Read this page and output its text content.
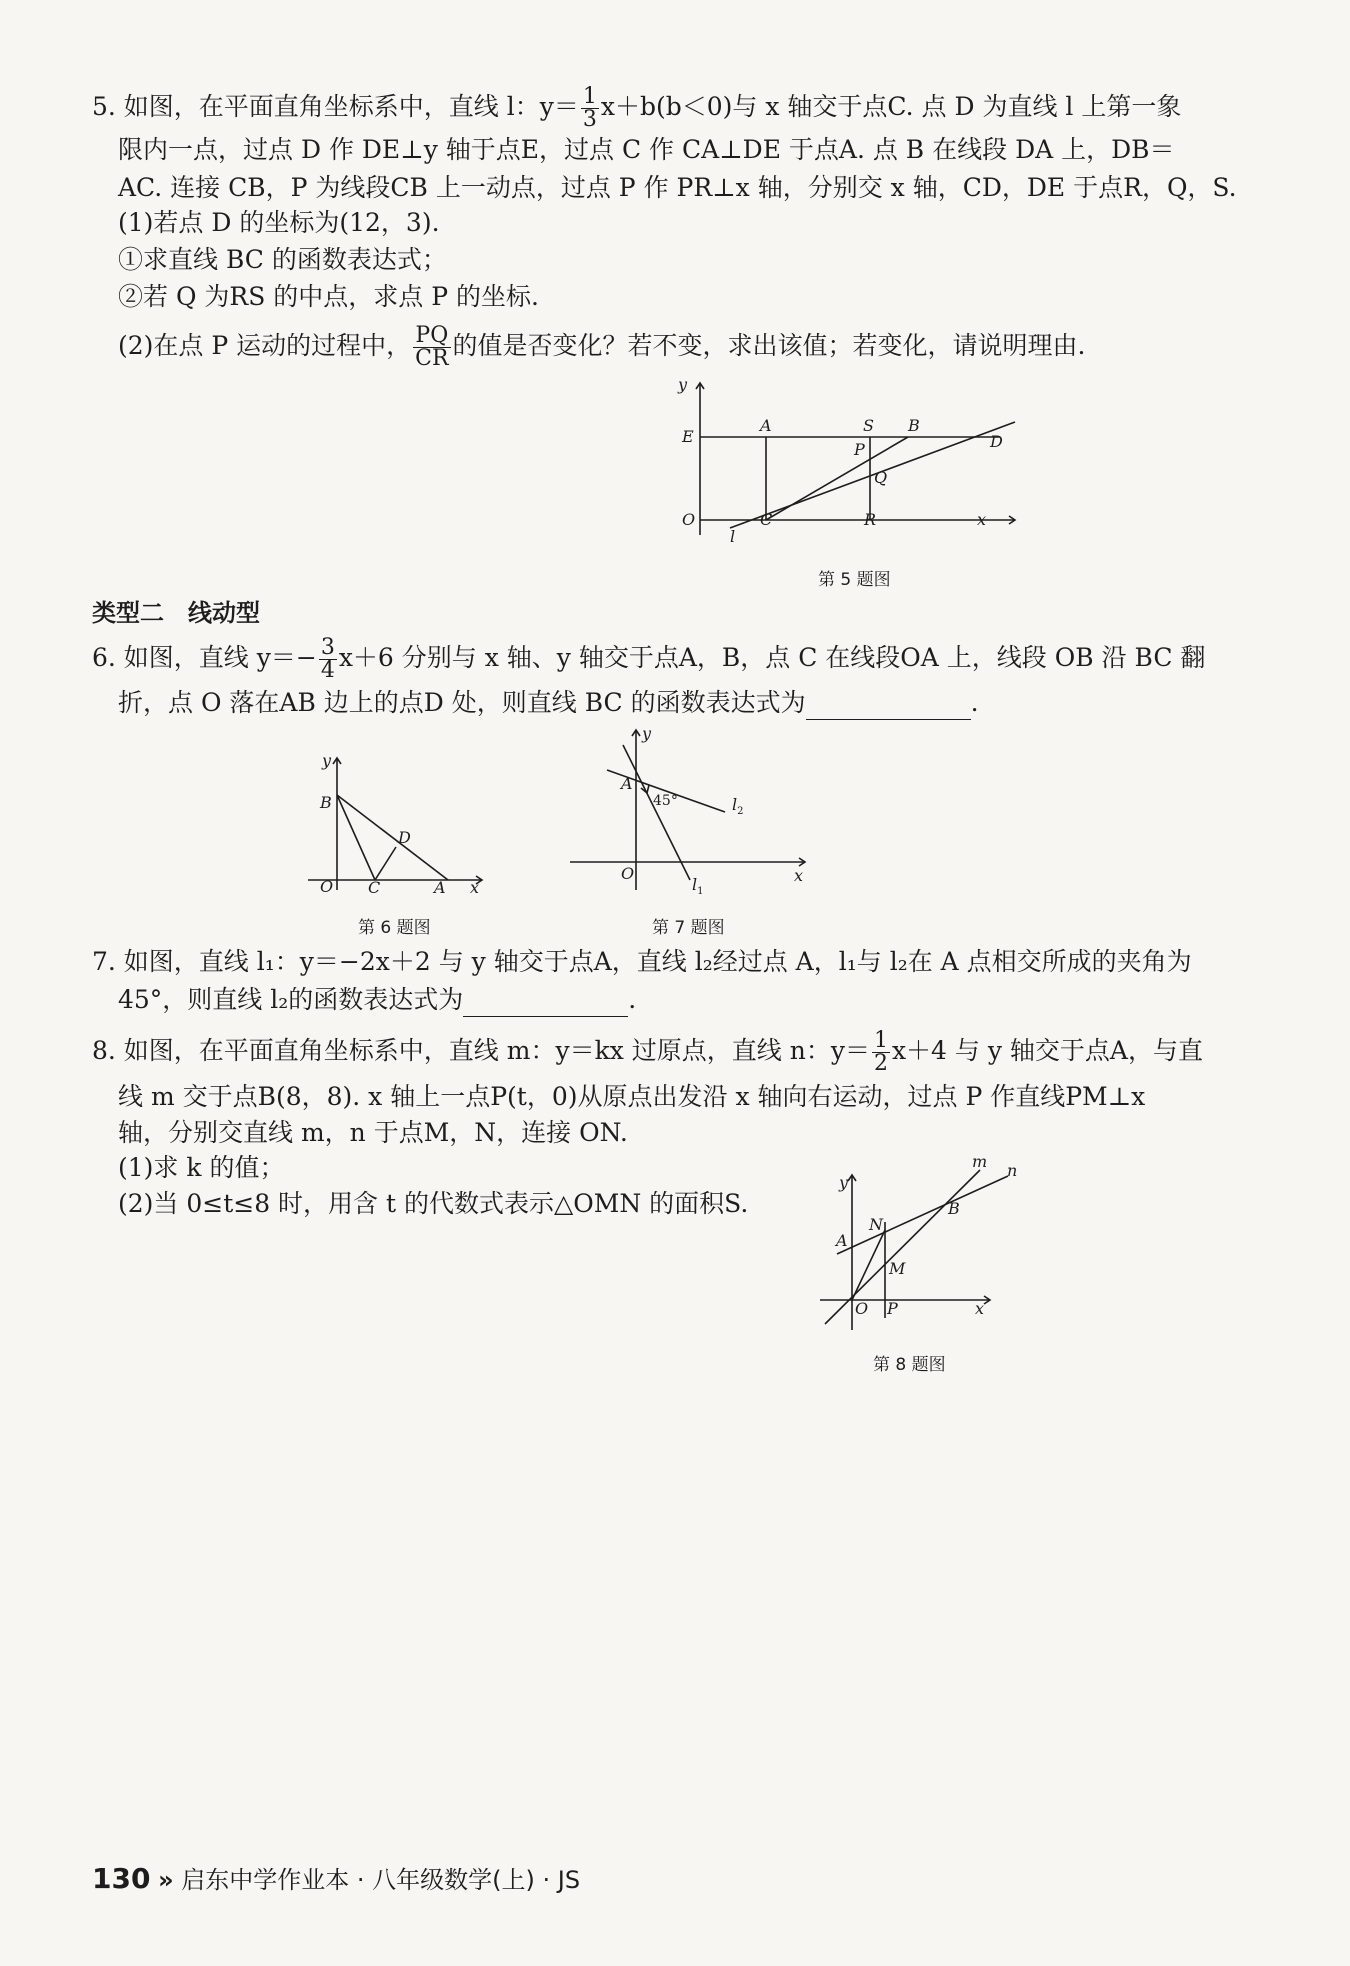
5. 如图，在平面直角坐标系中，直线 l：$y= \frac{1}{3} x+b(b<0)$与 x 轴交于点C. 点 D 为直线 l 上第一象
限内一点，过点 D 作 DE⊥y 轴于点E，过点 C 作 CA⊥DE 于点A. 点 B 在线段 DA 上，DB＝
AC. 连接 CB，P 为线段CB 上一动点，过点 P 作 PR⊥x 轴，分别交 x 轴，CD，DE 于点R，Q，S.
(1)若点 D 的坐标为(12，3).
①求直线 BC 的函数表达式；
②若 Q 为RS 的中点，求点 P 的坐标.
(2)在点 P 运动的过程中， $\frac{PQ}{CR}$ 的值是否变化？若不变，求出该值；若变化，请说明理由.
y
E
A	S B
D
P
Q
O	C	R	x
l
第 5 题图
类型二　线动型
6. 如图，直线 $y=- \frac{3}{4} x+6$ 分别与 x 轴、y 轴交于点A，B，点 C 在线段OA 上，线段 OB 沿 BC 翻
折，点 O 落在AB 边上的点D 处，则直线 BC 的函数表达式为	.
y
B
D
O C	A x
第 6 题图
y
A
45°	$l_2$
O
$l_1$
x
第 7 题图
7. 如图，直线 l₁：y＝−2x＋2 与 y 轴交于点A，直线 l₂经过点 A，l₁与 l₂在 A 点相交所成的夹角为
45°，则直线 l₂的函数表达式为	.
8. 如图，在平面直角坐标系中，直线 m：y＝kx 过原点，直线 n：$y= \frac{1}{2} x+4$ 与 y 轴交于点A，与直
线 m 交于点B(8，8). x 轴上一点P(t，0)从原点出发沿 x 轴向右运动，过点 P 作直线PM⊥x
轴，分别交直线 m，n 于点M，N，连接 ON.
(1)求 k 的值；
(2)当 0≤t≤8 时，用含 t 的代数式表示△OMN 的面积S.
y
m n
A
N
B
M
O P	x
第 8 题图
130 » 启东中学作业本 · 八年级数学(上) · JS
